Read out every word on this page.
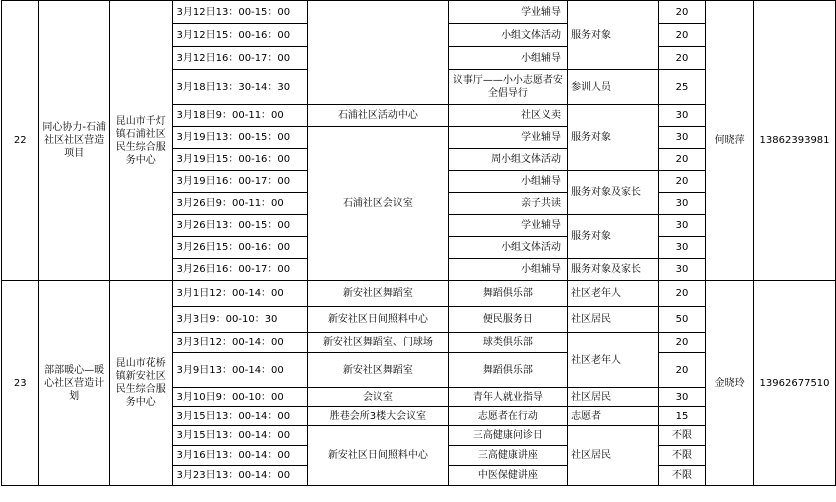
22	同心协力-石浦社区社区营造项目	昆山市千灯镇石浦社区民生综合服务中心	3月12日13：00-15：00		学业辅导	服务对象	20	何晓萍	13862393981
			3月12日15：00-16：00		小组文体活动		20		
			3月12日16：00-17：00		小组辅导		20		
			3月18日13：30-14：30		议事厅——小小志愿者安全倡导行	参训人员	25		
			3月18日9：00-11：00	石浦社区活动中心	社区义卖	服务对象	30		
			3月19日13：00-15：00	石浦社区会议室	学业辅导		30		
			3月19日15：00-16：00		周小组文体活动		20		
			3月19日16：00-17：00		小组辅导	服务对象及家长	20		
			3月26日9：00-11：00		亲子共读		30		
			3月26日13：00-15：00		学业辅导	服务对象	30		
			3月26日15：00-16：00		小组文体活动		30		
			3月26日16：00-17：00		小组辅导	服务对象及家长	30		
23	部部暖心—暖心社区营造计划	昆山市花桥镇新安社区民生综合服务中心	3月1日12：00-14：00	新安社区舞蹈室	舞蹈俱乐部	社区老年人	20	金晓玲	13962677510
			3月3日9：00-10：30	新安社区日间照料中心	便民服务日	社区居民	50		
			3月3日12：00-14：00	新安社区舞蹈室、门球场	球类俱乐部	社区老年人	20		
			3月9日13：00-14：00	新安社区舞蹈室	舞蹈俱乐部		20		
			3月10日9：00-10：00	会议室	青年人就业指导	社区居民	30		
			3月15日13：00-14：00	胜巷会所3楼大会议室	志愿者在行动	志愿者	15		
			3月15日13：00-14：00	新安社区日间照料中心	三高健康问诊日	社区居民	不限		
			3月16日13：00-14：00		三高健康讲座		不限		
			3月23日13：00-14：00		中医保健讲座		不限		
